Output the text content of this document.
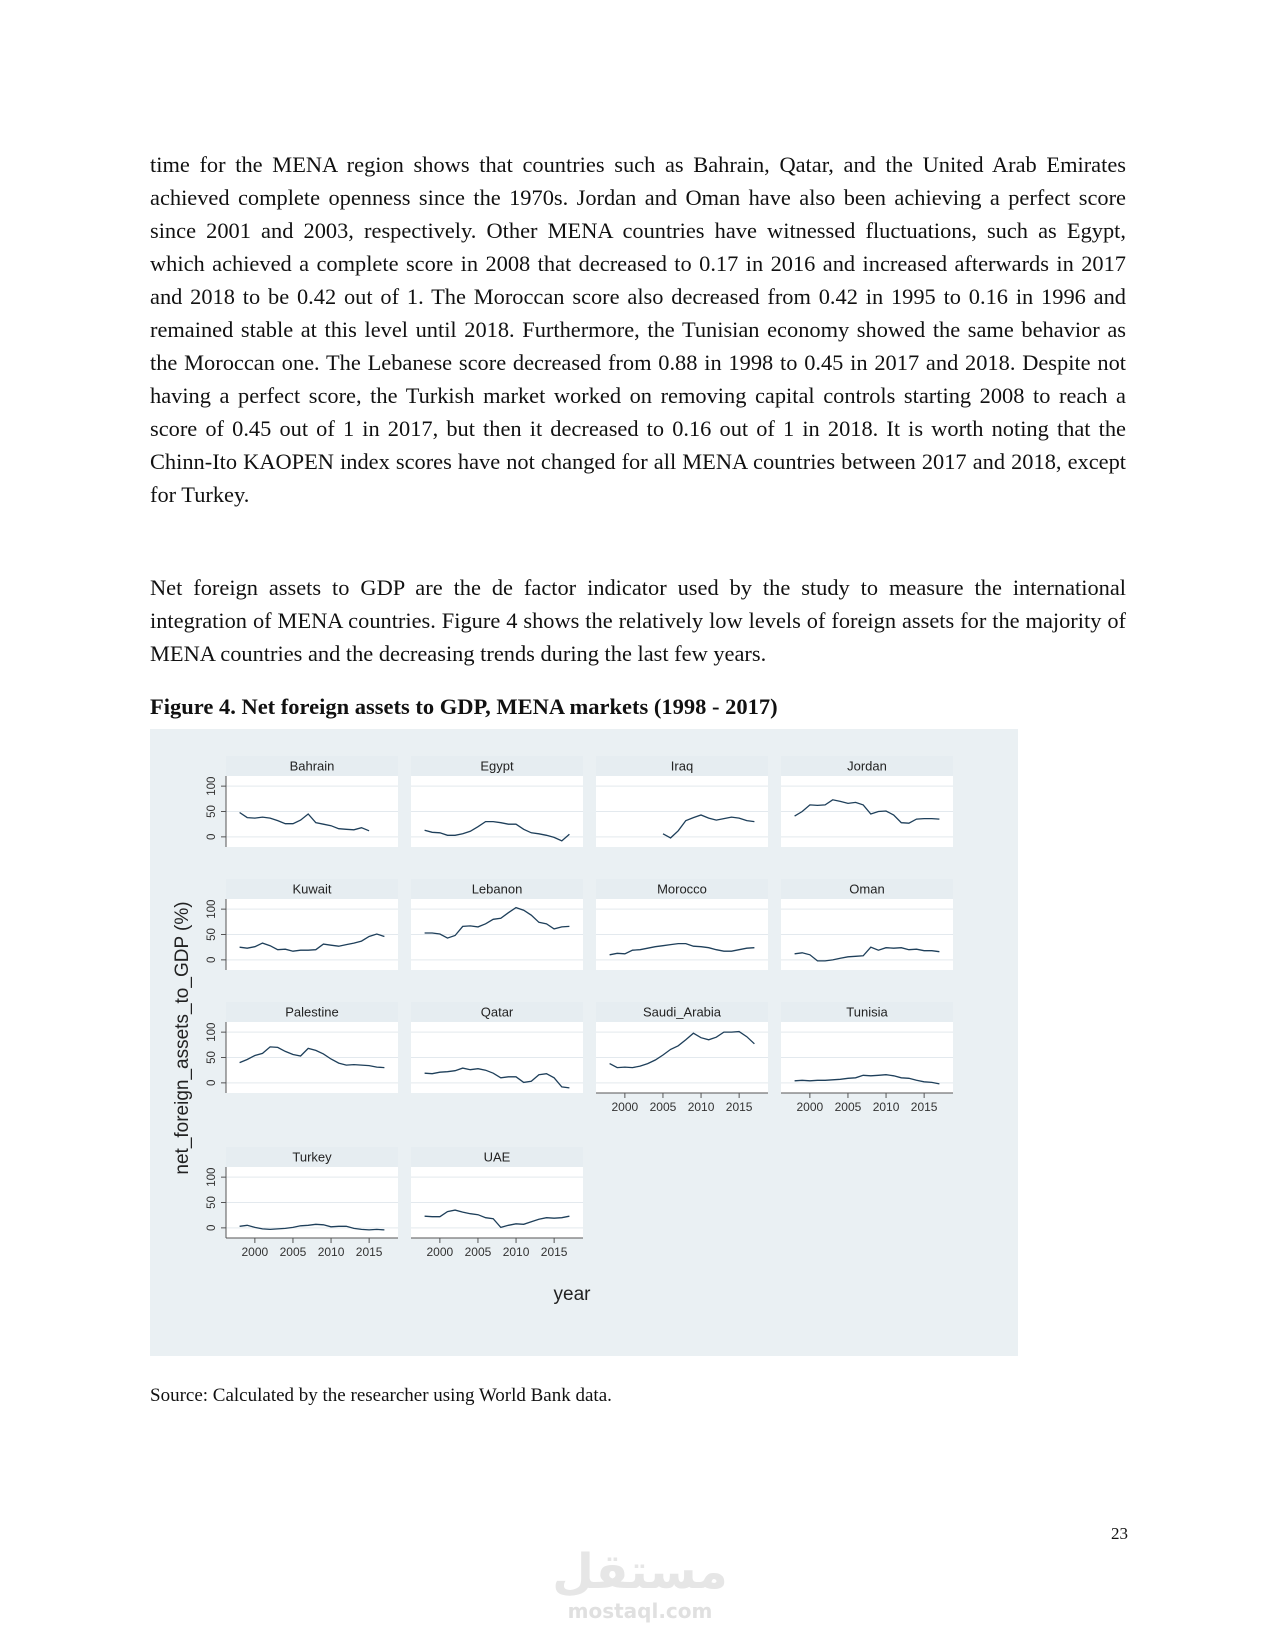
time for the MENA region shows that countries such as Bahrain, Qatar, and the United Arab Emirates achieved complete openness since the 1970s. Jordan and Oman have also been achieving a perfect score since 2001 and 2003, respectively. Other MENA countries have witnessed fluctuations, such as Egypt, which achieved a complete score in 2008 that decreased to 0.17 in 2016 and increased afterwards in 2017 and 2018 to be 0.42 out of 1. The Moroccan score also decreased from 0.42 in 1995 to 0.16 in 1996 and remained stable at this level until 2018. Furthermore, the Tunisian economy showed the same behavior as the Moroccan one. The Lebanese score decreased from 0.88 in 1998 to 0.45 in 2017 and 2018. Despite not having a perfect score, the Turkish market worked on removing capital controls starting 2008 to reach a score of 0.45 out of 1 in 2017, but then it decreased to 0.16 out of 1 in 2018. It is worth noting that the Chinn-Ito KAOPEN index scores have not changed for all MENA countries between 2017 and 2018, except for Turkey.

Net foreign assets to GDP are the de factor indicator used by the study to measure the international integration of MENA countries. Figure 4 shows the relatively low levels of foreign assets for the majority of MENA countries and the decreasing trends during the last few years.

Figure 4. Net foreign assets to GDP, MENA markets (1998 - 2017)

Bahrain
0
50
100
Egypt	Iraq	Jordan
Kuwait
0
50
100
Lebanon	Morocco	Oman
Palestine
0
50
100
Qatar	Saudi_Arabia
2000 2005 2010 2015
Tunisia
2000 2005 2010 2015
Turkey
0
50
100
2000 2005 2010 2015
UAE
2000 2005 2010 2015
year
net_foreign_assets_to_GDP (%)

Source: Calculated by the researcher using World Bank data.

23

مستقل
mostaql.com
